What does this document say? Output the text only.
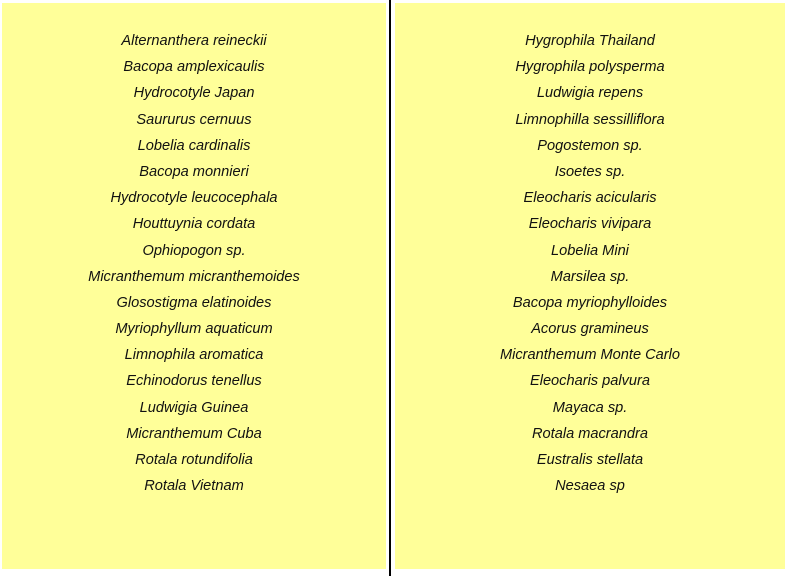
Alternanthera reineckii
Bacopa amplexicaulis
Hydrocotyle Japan
Saururus cernuus
Lobelia cardinalis
Bacopa monnieri
Hydrocotyle leucocephala
Houttuynia cordata
Ophiopogon sp.
Micranthemum micranthemoides
Glosostigma elatinoides
Myriophyllum aquaticum
Limnophila aromatica
Echinodorus tenellus
Ludwigia Guinea
Micranthemum Cuba
Rotala rotundifolia
Rotala Vietnam
Hygrophila Thailand
Hygrophila polysperma
Ludwigia repens
Limnophilla sessilliflora
Pogostemon sp.
Isoetes sp.
Eleocharis acicularis
Eleocharis vivipara
Lobelia Mini
Marsilea sp.
Bacopa myriophylloides
Acorus gramineus
Micranthemum Monte Carlo
Eleocharis palvura
Mayaca sp.
Rotala macrandra
Eustralis stellata
Nesaea sp
